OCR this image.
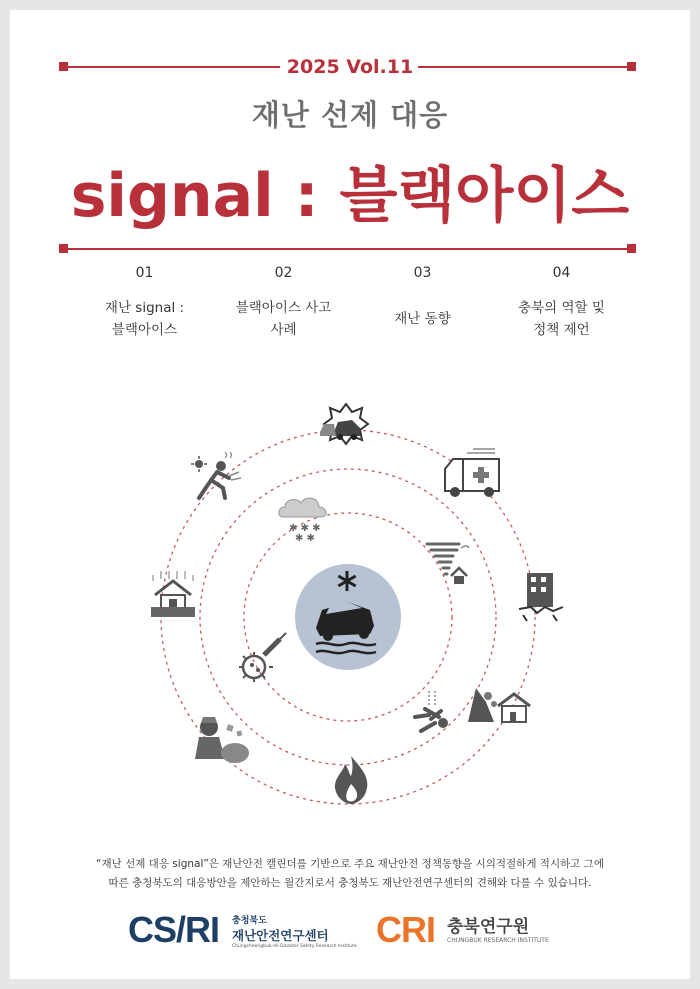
2025 Vol.11
재난 선제 대응
signal : 블랙아이스
01
재난 signal :
블랙아이스
02
블랙아이스 사고
사례
03
재난 동향
04
충북의 역할 및
정책 제언
✱ ✱ ✱
✱ ✱

“재난 선제 대응 signal”은 재난안전 캘린더를 기반으로 주요 재난안전 정책동향을 시의적절하게 적시하고 그에

따른 충청북도의 대응방안을 제안하는 월간지로서 충청북도 재난안전연구센터의 견해와 다를 수 있습니다.

CS/RI 충청북도
재난안전연구센터
Chungcheongbuk-do Disaster Safety Research Institute CRI 충북연구원
CHUNGBUK RESEARCH INSTITUTE
